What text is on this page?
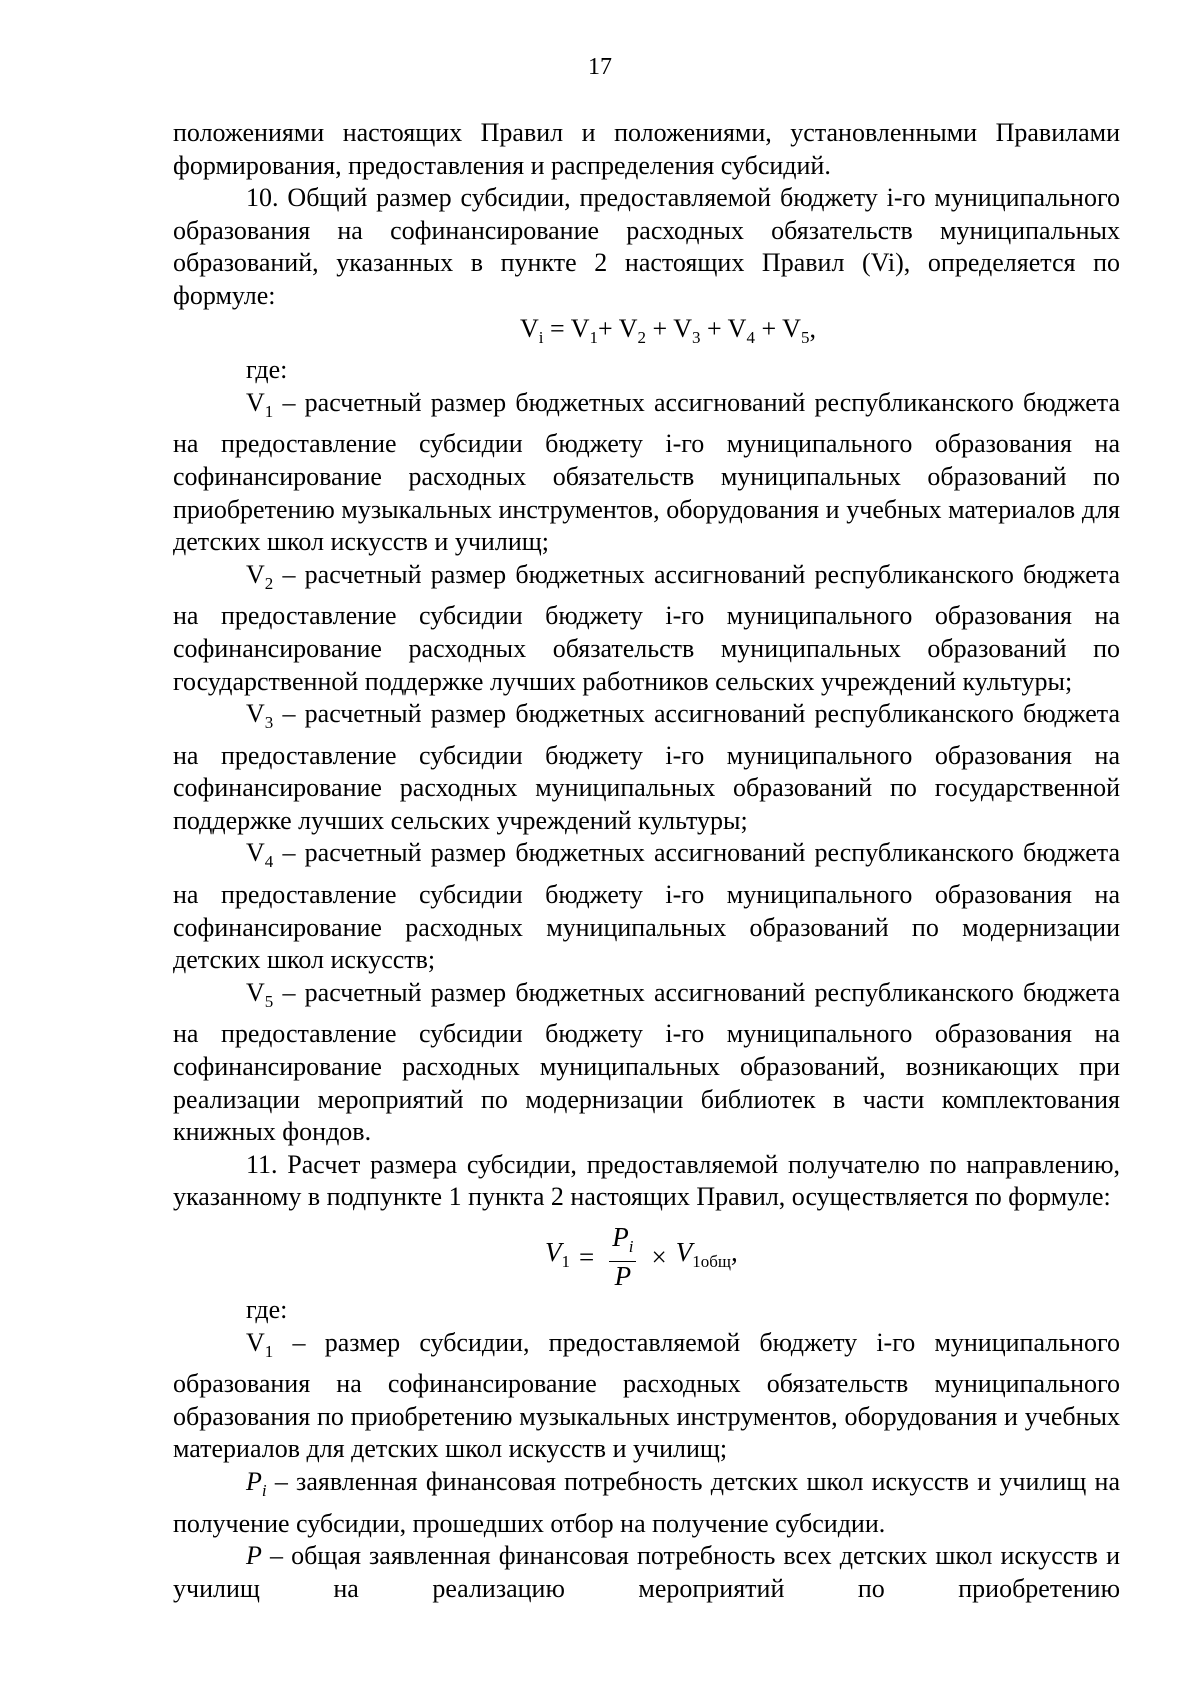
17

положениями настоящих Правил и положениями, установленными Правилами формирования, предоставления и распределения субсидий.

10. Общий размер субсидии, предоставляемой бюджету i-го муниципального образования на софинансирование расходных обязательств муниципальных образований, указанных в пункте 2 настоящих Правил (Vi), определяется по формуле:

$V_i = V_1+ V_2 + V_3 + V_4 + V_5$,

где:

$V_1$ – расчетный размер бюджетных ассигнований республиканского бюджета на предоставление субсидии бюджету i-го муниципального образования на софинансирование расходных обязательств муниципальных образований по приобретению музыкальных инструментов, оборудования и учебных материалов для детских школ искусств и училищ;

$V_2$ – расчетный размер бюджетных ассигнований республиканского бюджета на предоставление субсидии бюджету i-го муниципального образования на софинансирование расходных обязательств муниципальных образований по государственной поддержке лучших работников сельских учреждений культуры;

$V_3$ – расчетный размер бюджетных ассигнований республиканского бюджета на предоставление субсидии бюджету i-го муниципального образования на софинансирование расходных муниципальных образований по государственной поддержке лучших сельских учреждений культуры;

$V_4$ – расчетный размер бюджетных ассигнований республиканского бюджета на предоставление субсидии бюджету i-го муниципального образования на софинансирование расходных муниципальных образований по модернизации детских школ искусств;

$V_5$ – расчетный размер бюджетных ассигнований республиканского бюджета на предоставление субсидии бюджету i-го муниципального образования на софинансирование расходных муниципальных образований, возникающих при реализации мероприятий по модернизации библиотек в части комплектования книжных фондов.

11. Расчет размера субсидии, предоставляемой получателю по направлению, указанному в подпункте 1 пункта 2 настоящих Правил, осуществляется по формуле:

$V_1 = \frac{P_i}{P} \times V_{1общ}$,

где:

$V_1$ – размер субсидии, предоставляемой бюджету i-го муниципального образования на софинансирование расходных обязательств муниципального образования по приобретению музыкальных инструментов, оборудования и учебных материалов для детских школ искусств и училищ;

$P_i$ – заявленная финансовая потребность детских школ искусств и училищ на получение субсидии, прошедших отбор на получение субсидии.

P – общая заявленная финансовая потребность всех детских школ искусств и училищ на реализацию мероприятий по приобретению
